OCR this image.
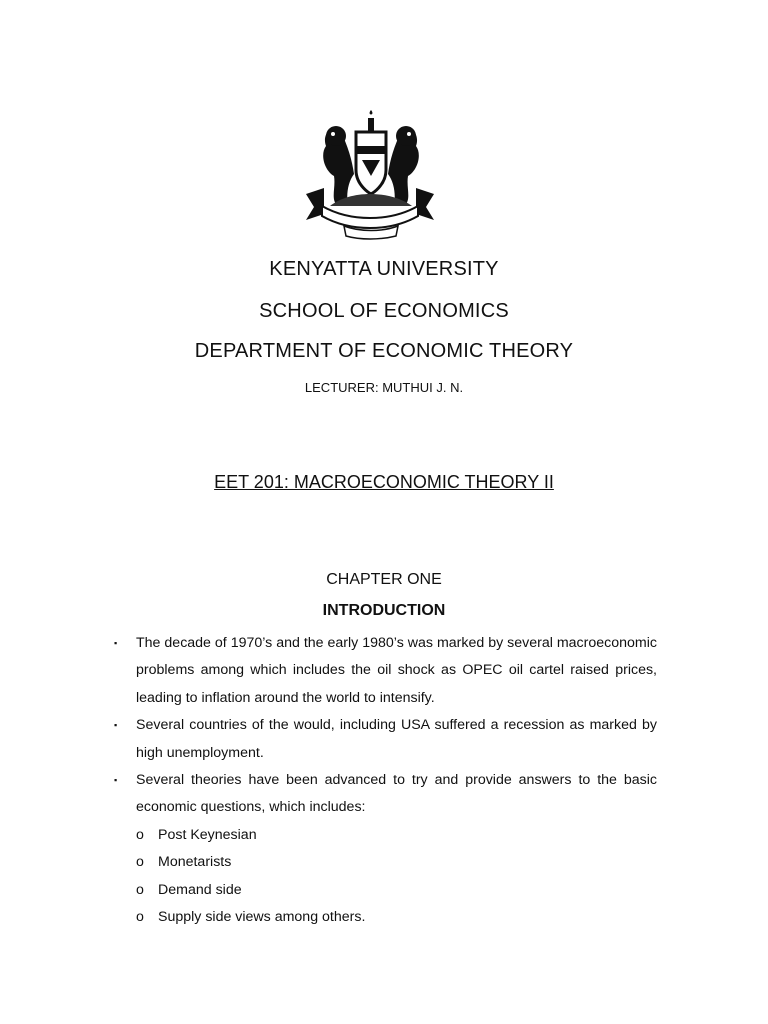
KENYATTA UNIVERSITY
SCHOOL OF ECONOMICS
DEPARTMENT OF ECONOMIC THEORY
LECTURER: MUTHUI J. N.
EET 201: MACROECONOMIC THEORY II
CHAPTER ONE
INTRODUCTION
▪ The decade of 1970’s and the early 1980’s was marked by several macroeconomic problems among which includes the oil shock as OPEC oil cartel raised prices, leading to inflation around the world to intensify.
▪ Several countries of the would, including USA suffered a recession as marked by high unemployment.
▪ Several theories have been advanced to try and provide answers to the basic economic questions, which includes:
o Post Keynesian
o Monetarists
o Demand side
o Supply side views among others.
